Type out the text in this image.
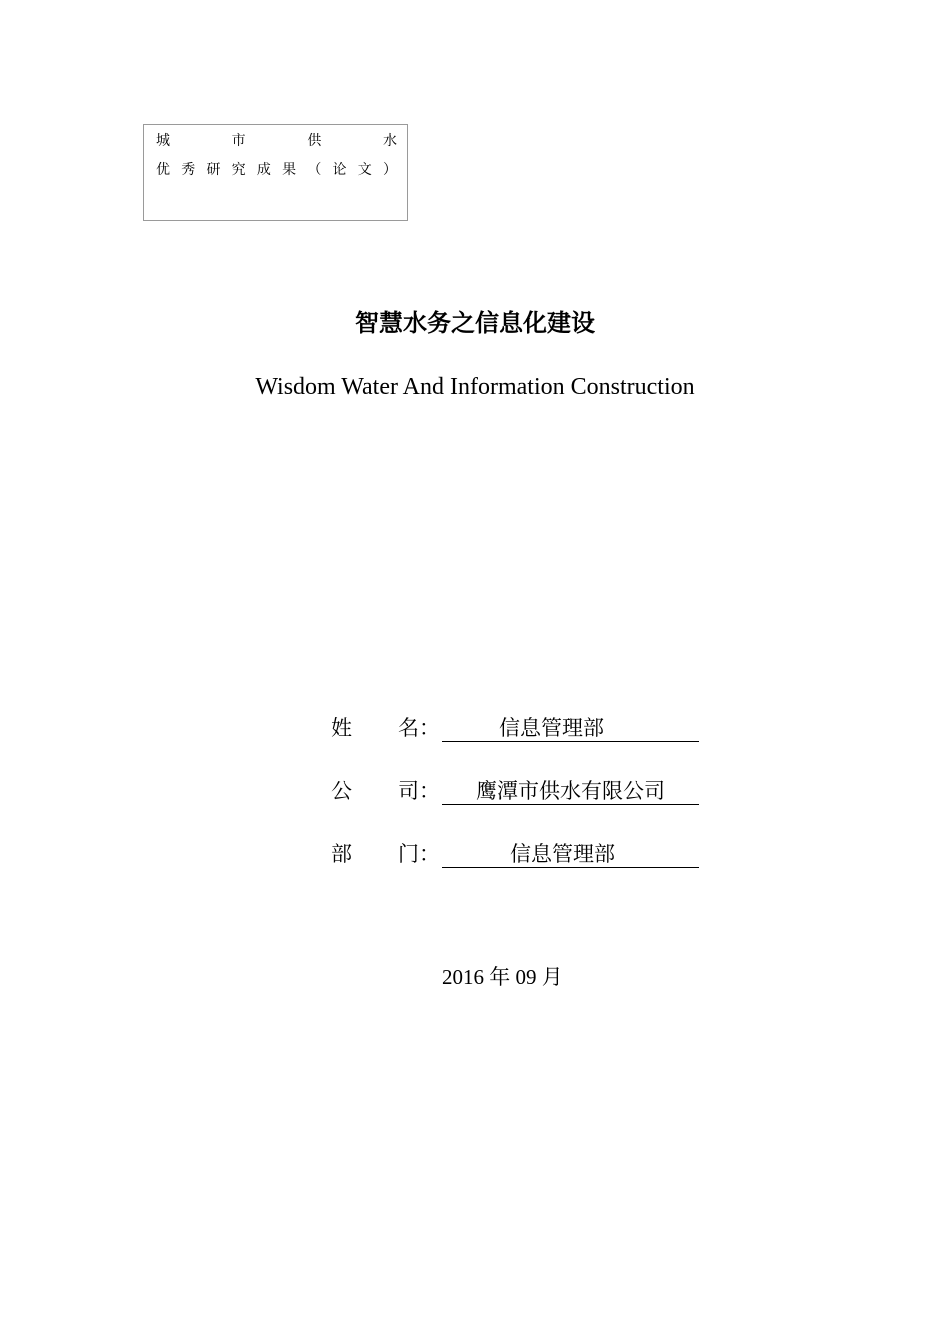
城	市	供	水
优 秀 研 究 成 果 （ 论 文 ）
智慧水务之信息化建设
Wisdom Water And Information Construction
姓 名：	信息管理部
公 司： 鹰潭市供水有限公司
部 门：	信息管理部
2016 年 09 月
